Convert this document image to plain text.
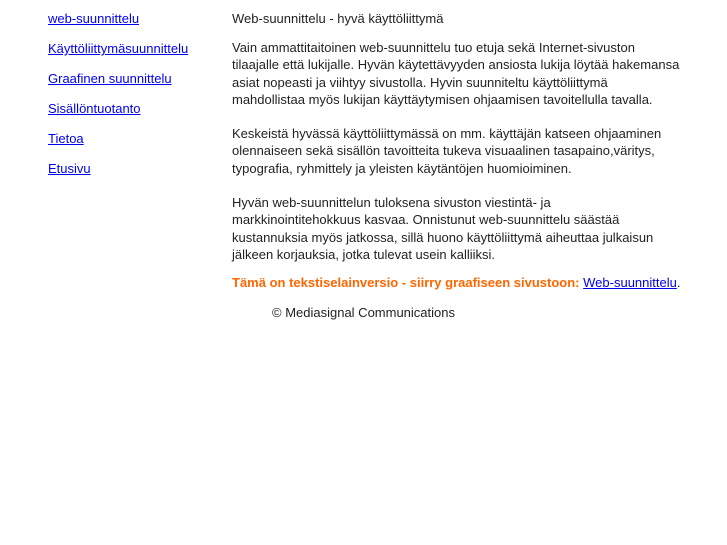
web-suunnittelu
Käyttöliittymäsuunnittelu
Graafinen suunnittelu
Sisällöntuotanto
Tietoa
Etusivu
Web-suunnittelu - hyvä käyttöliittymä

Vain ammattitaitoinen web-suunnittelu tuo etuja sekä Internet-sivuston tilaajalle että lukijalle. Hyvän käytettävyyden ansiosta lukija löytää hakemansa asiat nopeasti ja viihtyy sivustolla. Hyvin suunniteltu käyttöliittymä mahdollistaa myös lukijan käyttäytymisen ohjaamisen tavoitellulla tavalla.

Keskeistä hyvässä käyttöliittymässä on mm. käyttäjän katseen ohjaaminen olennaiseen sekä sisällön tavoitteita tukeva visuaalinen tasapaino,väritys, typografia, ryhmittely ja yleisten käytäntöjen huomioiminen.

Hyvän web-suunnittelun tuloksena sivuston viestintä- ja markkinointitehokkuus kasvaa. Onnistunut web-suunnittelu säästää kustannuksia myös jatkossa, sillä huono käyttöliittymä aiheuttaa julkaisun jälkeen korjauksia, jotka tulevat usein kalliiksi.

Tämä on tekstiselainversio - siirry graafiseen sivustoon: Web-suunnittelu.

© Mediasignal Communications
